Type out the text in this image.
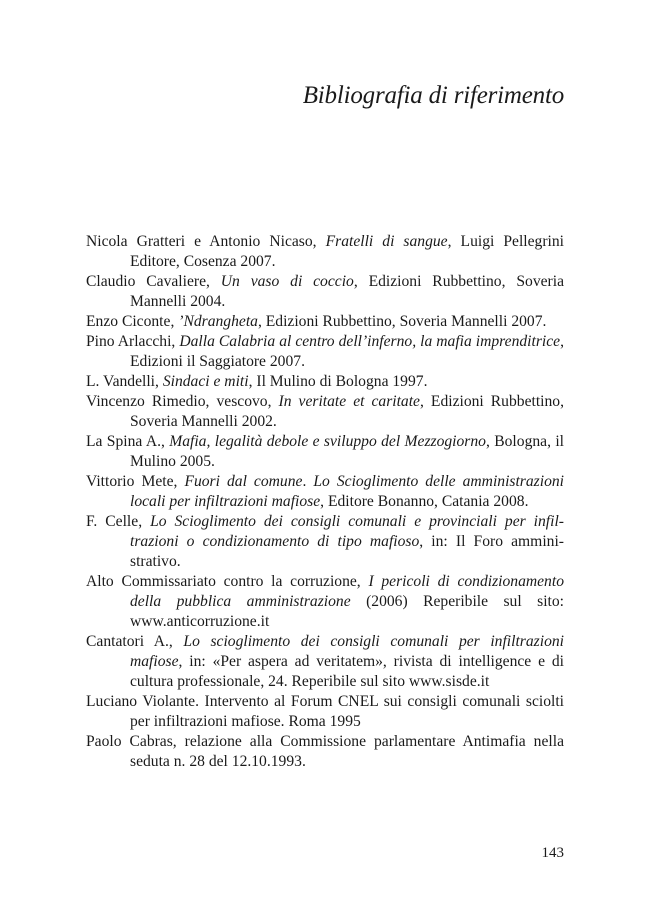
Bibliografia di riferimento
Nicola Gratteri e Antonio Nicaso, Fratelli di sangue, Luigi Pellegrini Editore, Cosenza 2007.
Claudio Cavaliere, Un vaso di coccio, Edizioni Rubbettino, Soveria Mannelli 2004.
Enzo Ciconte, ’Ndrangheta, Edizioni Rubbettino, Soveria Mannelli 2007.
Pino Arlacchi, Dalla Calabria al centro dell’inferno, la mafia imprenditrice, Edizioni il Saggiatore 2007.
L. Vandelli, Sindaci e miti, Il Mulino di Bologna 1997.
Vincenzo Rimedio, vescovo, In veritate et caritate, Edizioni Rubbettino, Soveria Mannelli 2002.
La Spina A., Mafia, legalità debole e sviluppo del Mezzogiorno, Bologna, il Mulino 2005.
Vittorio Mete, Fuori dal comune. Lo Scioglimento delle amministrazioni locali per infiltrazioni mafiose, Editore Bonanno, Catania 2008.
F. Celle, Lo Scioglimento dei consigli comunali e provinciali per infiltrazioni o condizionamento di tipo mafioso, in: Il Foro amministrativo.
Alto Commissariato contro la corruzione, I pericoli di condizionamento della pubblica amministrazione (2006) Reperibile sul sito: www.anticorruzione.it
Cantatori A., Lo scioglimento dei consigli comunali per infiltrazioni mafiose, in: «Per aspera ad veritatem», rivista di intelligence e di cultura professionale, 24. Reperibile sul sito www.sisde.it
Luciano Violante. Intervento al Forum CNEL sui consigli comunali sciolti per infiltrazioni mafiose. Roma 1995
Paolo Cabras, relazione alla Commissione parlamentare Antimafia nella seduta n. 28 del 12.10.1993.

143
